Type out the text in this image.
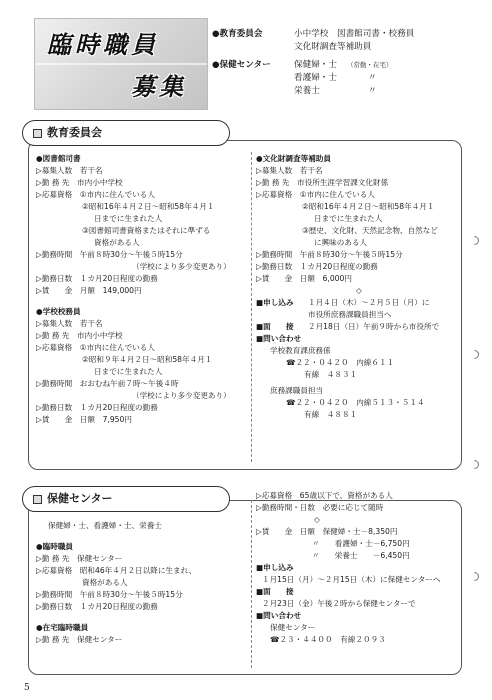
臨時職員
募集
●教育委員会	小中学校　図書館司書・校務員
文化財調査等補助員
●保健センター	保健婦・士 （常勤・在宅）
看護婦・士	〃
栄養士	〃
教育委員会
●図書館司書
▷募集人数　若干名
▷勤 務 先　市内小中学校
▷応募資格　①市内に住んでいる人
②昭和16年４月２日～昭和58年４月１
日までに生まれた人
③図書館司書資格またはそれに準ずる
資格がある人
▷勤務時間　午前８時30分～午後５時15分
（学校により多少変更あり）
▷勤務日数　１カ月20日程度の勤務
▷賃　　金　月額　149,000円
●学校校務員
▷募集人数　若干名
▷勤 務 先　市内小中学校
▷応募資格　①市内に住んでいる人
②昭和９年４月２日～昭和58年４月１
日までに生まれた人
▷勤務時間　おおむね午前７時～午後４時
（学校により多少変更あり）
▷勤務日数　１カ月20日程度の勤務
▷賃　　金　日額　7,950円
●文化財調査等補助員
▷募集人数　若干名
▷勤 務 先　市役所生涯学習課文化財係
▷応募資格　①市内に住んでいる人
②昭和16年４月２日～昭和58年４月１
日までに生まれた人
③歴史、文化財、天然記念物、自然など
に興味のある人
▷勤務時間　午前８時30分～午後５時15分
▷勤務日数　１カ月20日程度の勤務
▷賃　　金　日額　6,000円
◇
■申し込み	１月４日（木）～２月５日（月）に
市役所庶務課職員担当へ
■面　　接	２月18日（日）午前９時から市役所で
■問い合わせ
学校教育課庶務係
☎２２・０４２０　内線６１１
有線　４８３１
庶務課職員担当
☎２２・０４２０　内線５１３・５１４
有線　４８８１
保健センター
保健婦・士、看護婦・士、栄養士
●臨時職員
▷勤 務 先　保健センター
▷応募資格　昭和46年４月２日以降に生まれ、
資格がある人
▷勤務時間　午前８時30分～午後５時15分
▷勤務日数　１カ月20日程度の勤務
●在宅臨時職員
▷勤 務 先　保健センター
▷応募資格　65歳以下で、資格がある人
▷勤務時間・日数　必要に応じて随時
◇
▷賃　　金　日額　保健婦・士－8,350円
〃　　看護婦・士－6,750円
〃　　栄養士　　－6,450円
■申し込み
１月15日（月）～２月15日（木）に保健センターへ
■面　　接
２月23日（金）午後２時から保健センターで
■問い合わせ
保健センター
☎２３・４４００　有線２０９３
5
